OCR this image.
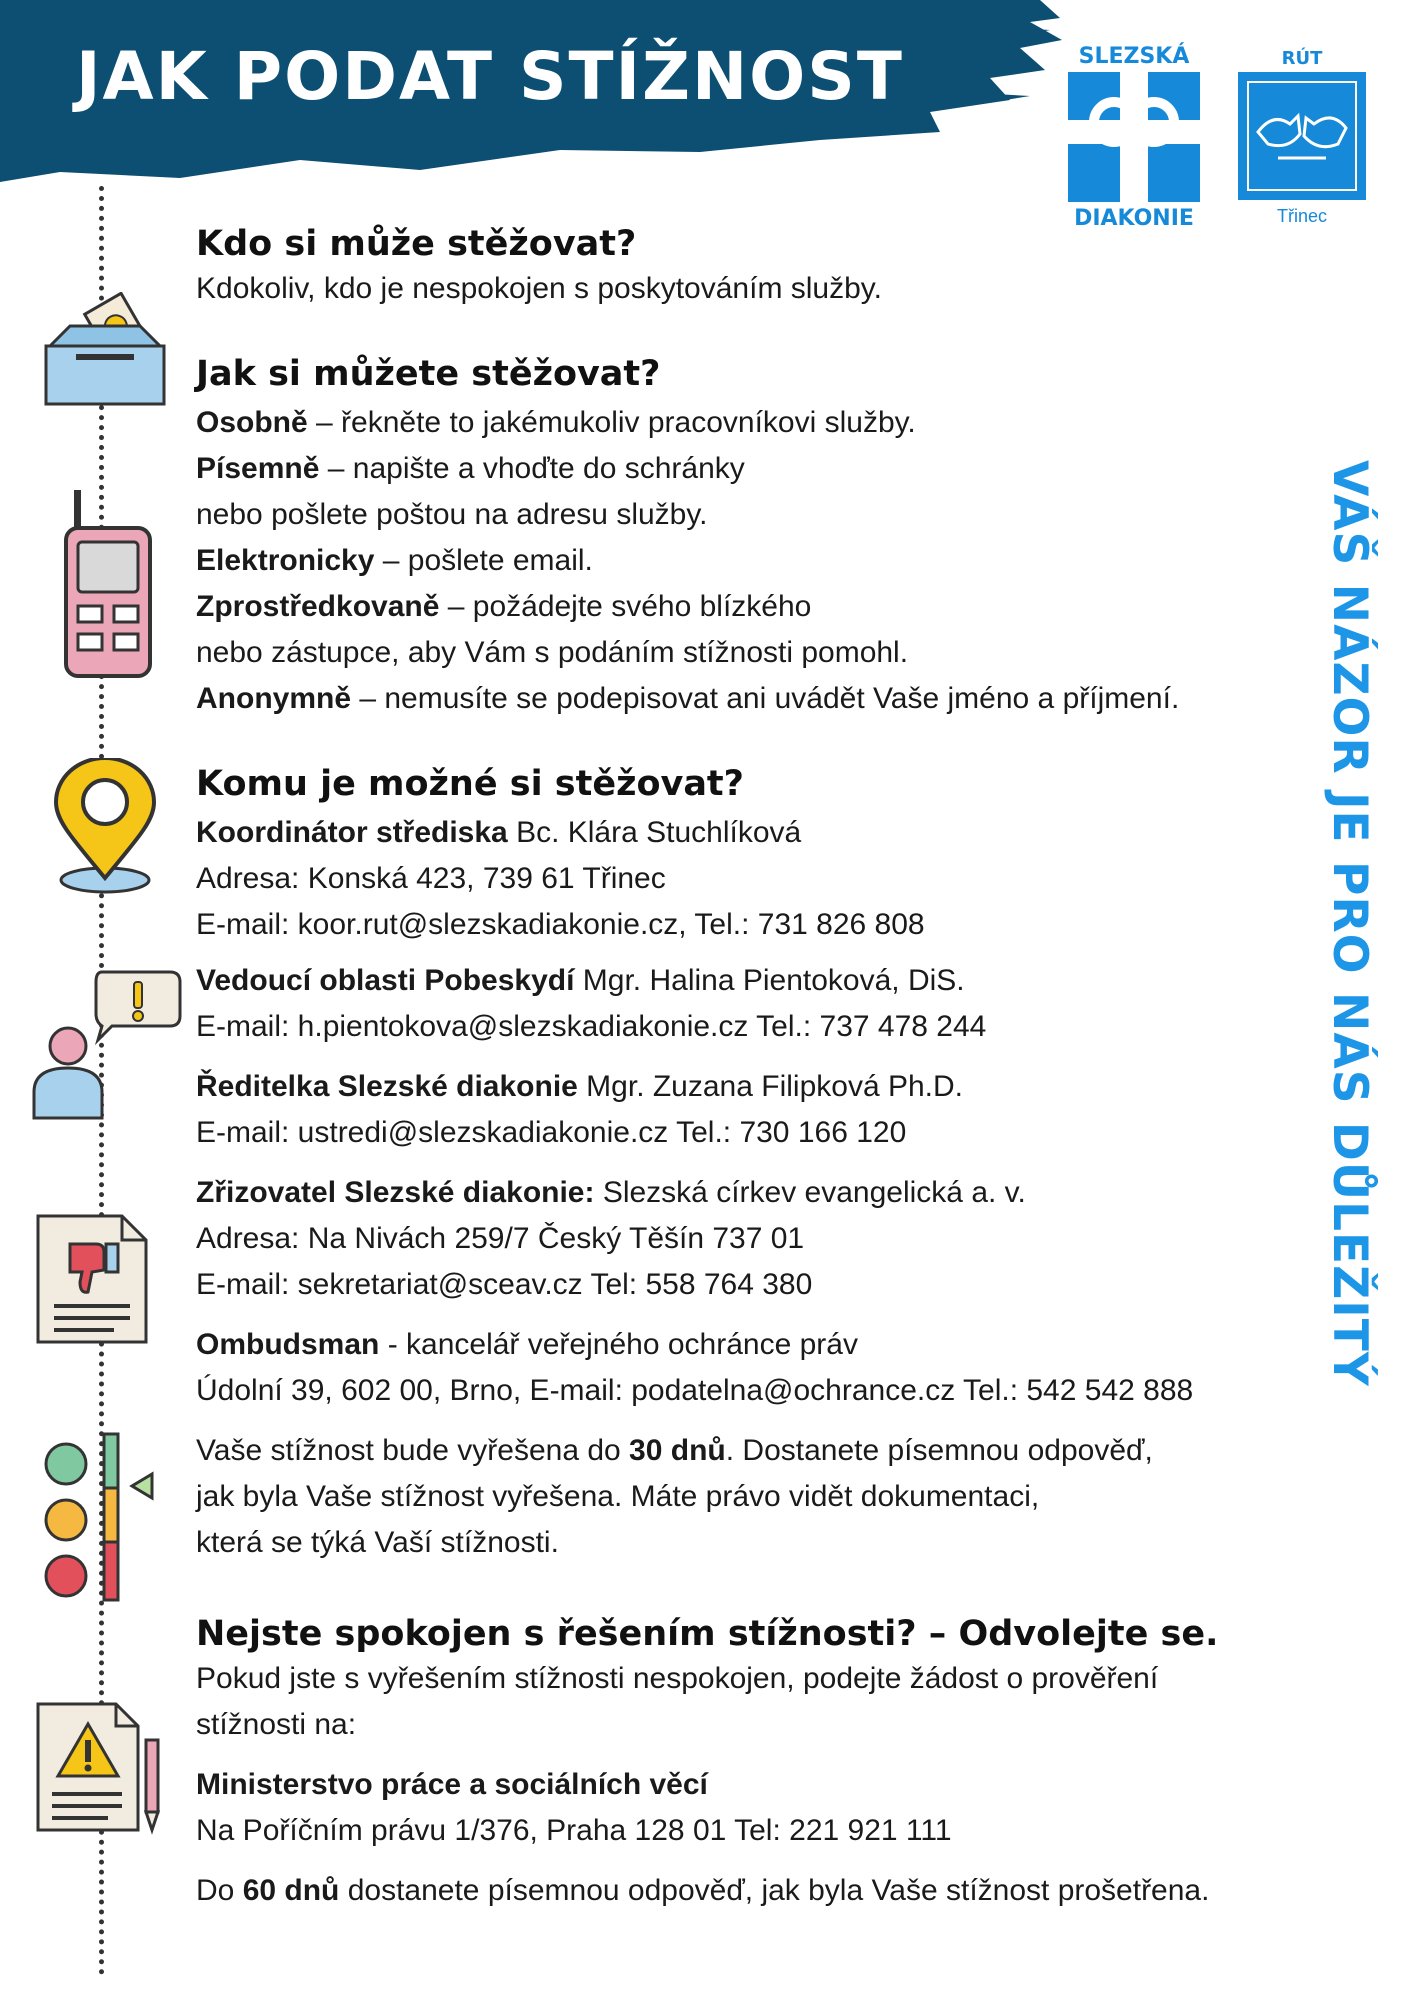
JAK PODAT STÍŽNOST	SLEZSKÁ
DIAKONIE
RÚT
Třinec
VÁŠ NÁZOR JE PRO NÁS DŮLEŽITÝ
Kdo si může stěžovat?

Kdokoliv, kdo je nespokojen s poskytováním služby.

Jak si můžete stěžovat?

Osobně – řekněte to jakémukoliv pracovníkovi služby.

Písemně – napište a vhoďte do schránky

nebo pošlete poštou na adresu služby.

Elektronicky – pošlete email.

Zprostředkovaně – požádejte svého blízkého

nebo zástupce, aby Vám s podáním stížnosti pomohl.

Anonymně – nemusíte se podepisovat ani uvádět Vaše jméno a příjmení.

Komu je možné si stěžovat?

Koordinátor střediska Bc. Klára Stuchlíková

Adresa: Konská 423, 739 61 Třinec

E-mail: koor.rut@slezskadiakonie.cz, Tel.: 731 826 808

Vedoucí oblasti Pobeskydí Mgr. Halina Pientoková, DiS.

E-mail: h.pientokova@slezskadiakonie.cz Tel.: 737 478 244

Ředitelka Slezské diakonie Mgr. Zuzana Filipková Ph.D.

E-mail: ustredi@slezskadiakonie.cz Tel.: 730 166 120

Zřizovatel Slezské diakonie: Slezská církev evangelická a. v.

Adresa: Na Nivách 259/7 Český Těšín 737 01

E-mail: sekretariat@sceav.cz Tel: 558 764 380

Ombudsman - kancelář veřejného ochránce práv

Údolní 39, 602 00, Brno, E-mail: podatelna@ochrance.cz Tel.: 542 542 888

Vaše stížnost bude vyřešena do 30 dnů. Dostanete písemnou odpověď,

jak byla Vaše stížnost vyřešena. Máte právo vidět dokumentaci,

která se týká Vaší stížnosti.

Nejste spokojen s řešením stížnosti? – Odvolejte se.

Pokud jste s vyřešením stížnosti nespokojen, podejte žádost o prověření

stížnosti na:

Ministerstvo práce a sociálních věcí

Na Poříčním právu 1/376, Praha 128 01 Tel: 221 921 111

Do 60 dnů dostanete písemnou odpověď, jak byla Vaše stížnost prošetřena.
